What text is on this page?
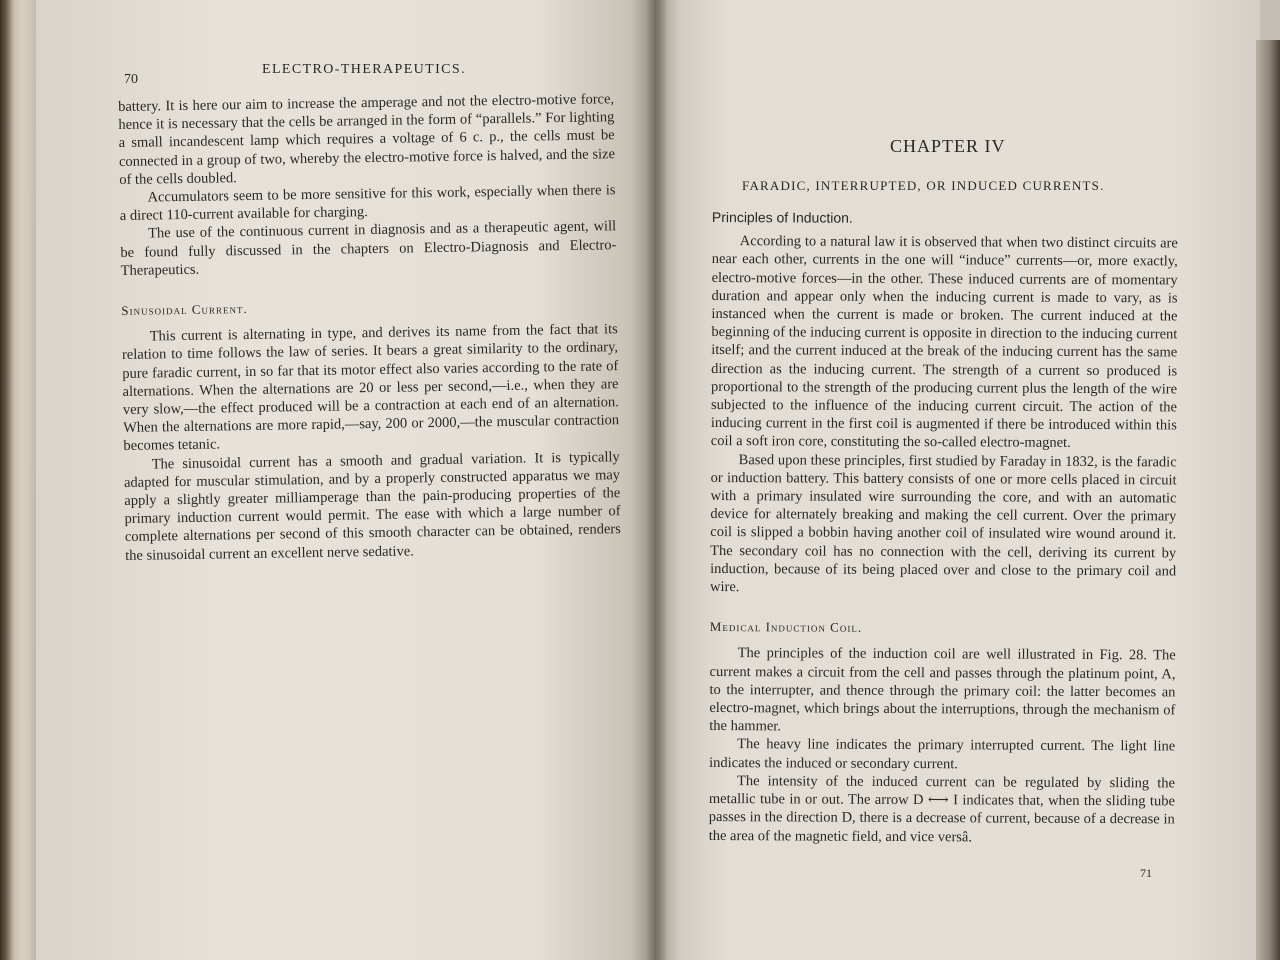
70
ELECTRO-THERAPEUTICS.

battery. It is here our aim to increase the amperage and not the electro-motive force, hence it is necessary that the cells be arranged in the form of “parallels.” For lighting a small incandescent lamp which requires a voltage of 6 c. p., the cells must be connected in a group of two, whereby the electro-motive force is halved, and the size of the cells doubled.

Accumulators seem to be more sensitive for this work, especially when there is a direct 110-current available for charging.

The use of the continuous current in diagnosis and as a therapeutic agent, will be found fully discussed in the chapters on Electro-Diagnosis and Electro-Therapeutics.

Sinusoidal Current.

This current is alternating in type, and derives its name from the fact that its relation to time follows the law of series. It bears a great similarity to the ordinary, pure faradic current, in so far that its motor effect also varies according to the rate of alternations. When the alternations are 20 or less per second,—i.e., when they are very slow,—the effect produced will be a contraction at each end of an alternation. When the alternations are more rapid,—say, 200 or 2000,—the muscular contraction becomes tetanic.

The sinusoidal current has a smooth and gradual variation. It is typically adapted for muscular stimulation, and by a properly constructed apparatus we may apply a slightly greater milliamperage than the pain-producing properties of the primary induction current would permit. The ease with which a large number of complete alternations per second of this smooth character can be obtained, renders the sinusoidal current an excellent nerve sedative.

CHAPTER IV
FARADIC, INTERRUPTED, OR INDUCED CURRENTS.

Principles of Induction.

According to a natural law it is observed that when two distinct circuits are near each other, currents in the one will “induce” currents—or, more exactly, electro-motive forces—in the other. These induced currents are of momentary duration and appear only when the inducing current is made to vary, as is instanced when the current is made or broken. The current induced at the beginning of the inducing current is opposite in direction to the inducing current itself; and the current induced at the break of the inducing current has the same direction as the inducing current. The strength of a current so produced is proportional to the strength of the producing current plus the length of the wire subjected to the influence of the inducing current circuit. The action of the inducing current in the first coil is augmented if there be introduced within this coil a soft iron core, constituting the so-called electro-magnet.

Based upon these principles, first studied by Faraday in 1832, is the faradic or induction battery. This battery consists of one or more cells placed in circuit with a primary insulated wire surrounding the core, and with an automatic device for alternately breaking and making the cell current. Over the primary coil is slipped a bobbin having another coil of insulated wire wound around it. The secondary coil has no connection with the cell, deriving its current by induction, because of its being placed over and close to the primary coil and wire.

Medical Induction Coil.

The principles of the induction coil are well illustrated in Fig. 28. The current makes a circuit from the cell and passes through the platinum point, A, to the interrupter, and thence through the primary coil: the latter becomes an electro-magnet, which brings about the interruptions, through the mechanism of the hammer.

The heavy line indicates the primary interrupted current. The light line indicates the induced or secondary current.

The intensity of the induced current can be regulated by sliding the metallic tube in or out. The arrow D ⟷ I indicates that, when the sliding tube passes in the direction D, there is a decrease of current, because of a decrease in the area of the magnetic field, and vice versâ.

71
